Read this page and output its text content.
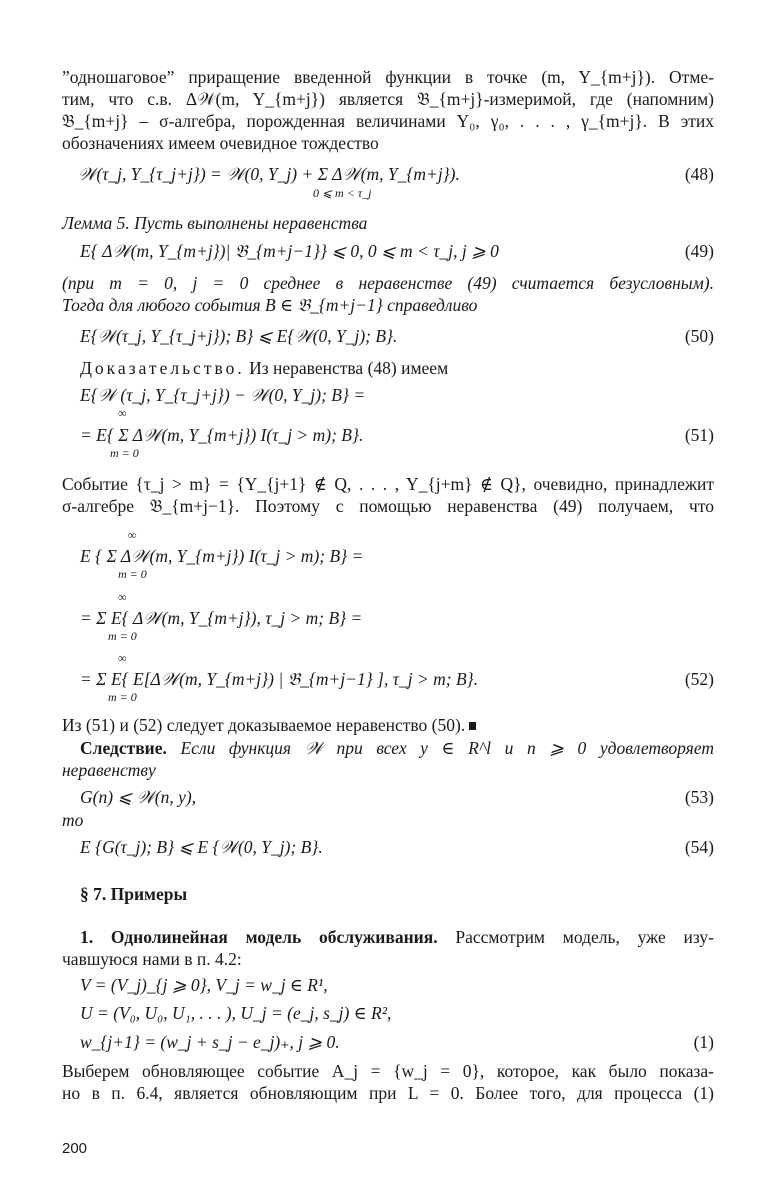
”одношаговое” приращение введенной функции в точке (m, Y_{m+j}). Отме-
тим, что с.в. Δ𝒲(m, Y_{m+j}) является 𝔅_{m+j}-измеримой, где (напомним)
𝔅_{m+j} – σ-алгебра, порожденная величинами Y₀, γ₀, . . . , γ_{m+j}. В этих
обозначениях имеем очевидное тождество
𝒲(τ_j, Y_{τ_j+j}) = 𝒲(0, Y_j) + Σ Δ𝒲(m, Y_{m+j}).
0 ⩽ m < τ_j
(48)
Лемма 5. Пусть выполнены неравенства
E{ Δ𝒲(m, Y_{m+j})| 𝔅_{m+j−1}} ⩽ 0, 0 ⩽ m < τ_j, j ⩾ 0	(49)
(при m = 0, j = 0 среднее в неравенстве (49) считается безусловным).
Тогда для любого события B ∈ 𝔅_{m+j−1} справедливо
E{𝒲(τ_j, Y_{τ_j+j}); B} ⩽ E{𝒲(0, Y_j); B}.	(50)
Доказательство. Из неравенства (48) имеем
E{𝒲 (τ_j, Y_{τ_j+j}) − 𝒲(0, Y_j); B} =
∞
= E{ Σ Δ𝒲(m, Y_{m+j}) I(τ_j > m); B}.
m = 0
(51)
Событие {τ_j > m} = {Y_{j+1} ∉ Q, . . . , Y_{j+m} ∉ Q}, очевидно, принадлежит
σ-алгебре 𝔅_{m+j−1}. Поэтому с помощью неравенства (49) получаем, что
∞
E { Σ Δ𝒲(m, Y_{m+j}) I(τ_j > m); B} =
m = 0
∞
= Σ E{ Δ𝒲(m, Y_{m+j}), τ_j > m; B} =
m = 0
∞
= Σ E{ E[Δ𝒲(m, Y_{m+j}) | 𝔅_{m+j−1} ], τ_j > m; B}.
m = 0
(52)
Из (51) и (52) следует доказываемое неравенство (50).
Следствие. Если функция 𝒲 при всех y ∈ R^l и n ⩾ 0 удовлетворяет
неравенству
G(n) ⩽ 𝒲(n, y),	(53)
то
E {G(τ_j); B} ⩽ E {𝒲(0, Y_j); B}.	(54)
§ 7. Примеры
1. Однолинейная модель обслуживания. Рассмотрим модель, уже изу-
чавшуюся нами в п. 4.2:
V = (V_j)_{j ⩾ 0}, V_j = w_j ∈ R¹,
U = (V₀, U₀, U₁, . . . ), U_j = (e_j, s_j) ∈ R²,
w_{j+1} = (w_j + s_j − e_j)₊, j ⩾ 0.	(1)
Выберем обновляющее событие A_j = {w_j = 0}, которое, как было показа-
но в п. 6.4, является обновляющим при L = 0. Более того, для процесса (1)
200
